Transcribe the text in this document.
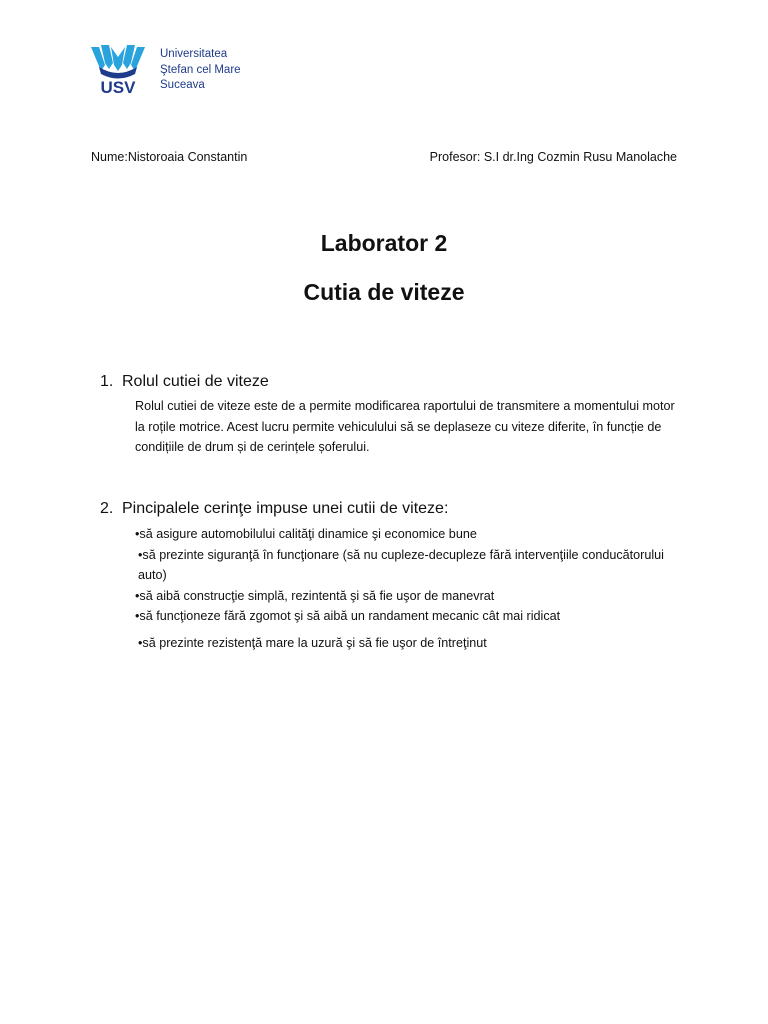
USV
Universitatea
Ştefan cel Mare
Suceava
Nume:Nistoroaia Constantin	Profesor: S.I dr.Ing Cozmin Rusu Manolache
Laborator 2
Cutia de viteze
1. Rolul cutiei de viteze
Rolul cutiei de viteze este de a permite modificarea raportului de transmitere a momentului motor la roțile motrice. Acest lucru permite vehiculului să se deplaseze cu viteze diferite, în funcție de condițiile de drum și de cerințele șoferului.
2. Pincipalele cerinţe impuse unei cutii de viteze:
•să asigure automobilului calităţi dinamice şi economice bune
•să prezinte siguranţă în funcţionare (să nu cupleze-decupleze fără intervenţiile conducătorului auto)
•să aibă construcţie simplă, rezintentă şi să fie uşor de manevrat
•să funcţioneze fără zgomot şi să aibă un randament mecanic cât mai ridicat
•să prezinte rezistenţă mare la uzură şi să fie uşor de întreţinut
